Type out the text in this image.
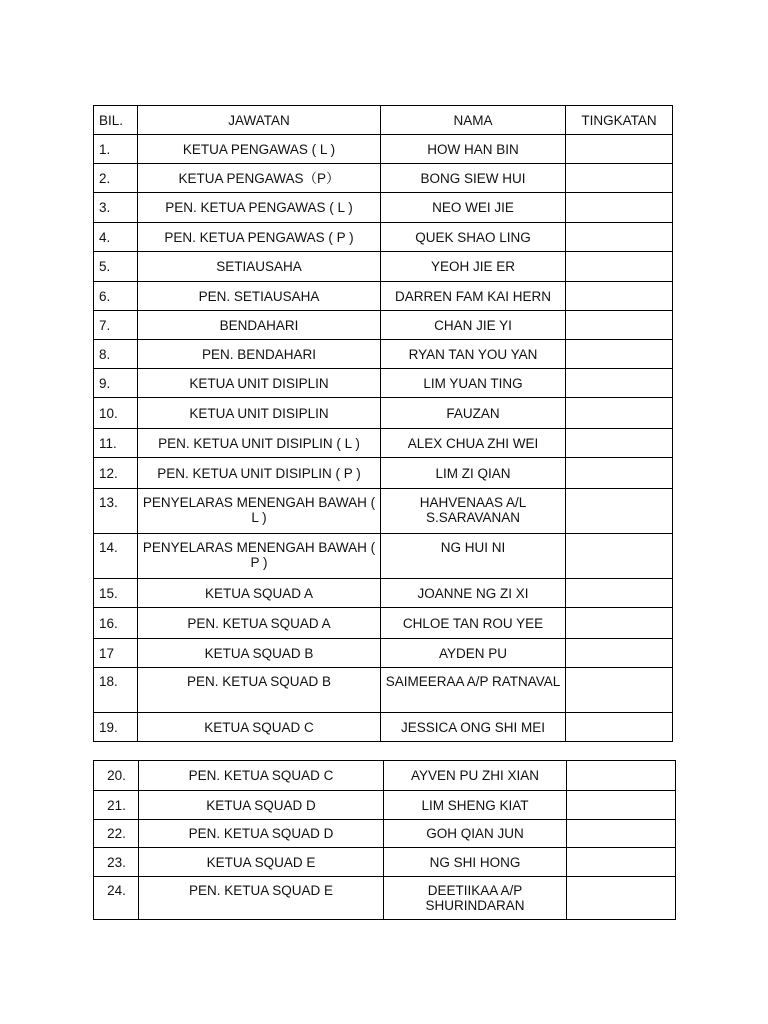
BIL.	JAWATAN	NAMA	TINGKATAN
1.	KETUA PENGAWAS ( L )	HOW HAN BIN	
2.	KETUA PENGAWAS（P）	BONG SIEW HUI	
3.	PEN. KETUA PENGAWAS ( L )	NEO WEI JIE	
4.	PEN. KETUA PENGAWAS ( P )	QUEK SHAO LING	
5.	SETIAUSAHA	YEOH JIE ER	
6.	PEN. SETIAUSAHA	DARREN FAM KAI HERN	
7.	BENDAHARI	CHAN JIE YI	
8.	PEN. BENDAHARI	RYAN TAN YOU YAN	
9.	KETUA UNIT DISIPLIN	LIM YUAN TING	
10.	KETUA UNIT DISIPLIN	FAUZAN	
11.	PEN. KETUA UNIT DISIPLIN ( L )	ALEX CHUA ZHI WEI	
12.	PEN. KETUA UNIT DISIPLIN ( P )	LIM ZI QIAN	
13.	PENYELARAS MENENGAH BAWAH ( L )	HAHVENAAS A/L S.SARAVANAN	
14.	PENYELARAS MENENGAH BAWAH ( P )	NG HUI NI	
15.	KETUA SQUAD A	JOANNE NG ZI XI	
16.	PEN. KETUA SQUAD A	CHLOE TAN ROU YEE	
17	KETUA SQUAD B	AYDEN PU	
18.	PEN. KETUA SQUAD B	SAIMEERAA A/P RATNAVAL	
19.	KETUA SQUAD C	JESSICA ONG SHI MEI	
20.	PEN. KETUA SQUAD C	AYVEN PU ZHI XIAN	
21.	KETUA SQUAD D	LIM SHENG KIAT	
22.	PEN. KETUA SQUAD D	GOH QIAN JUN	
23.	KETUA SQUAD E	NG SHI HONG	
24.	PEN. KETUA SQUAD E	DEETIIKAA A/P SHURINDARAN	
